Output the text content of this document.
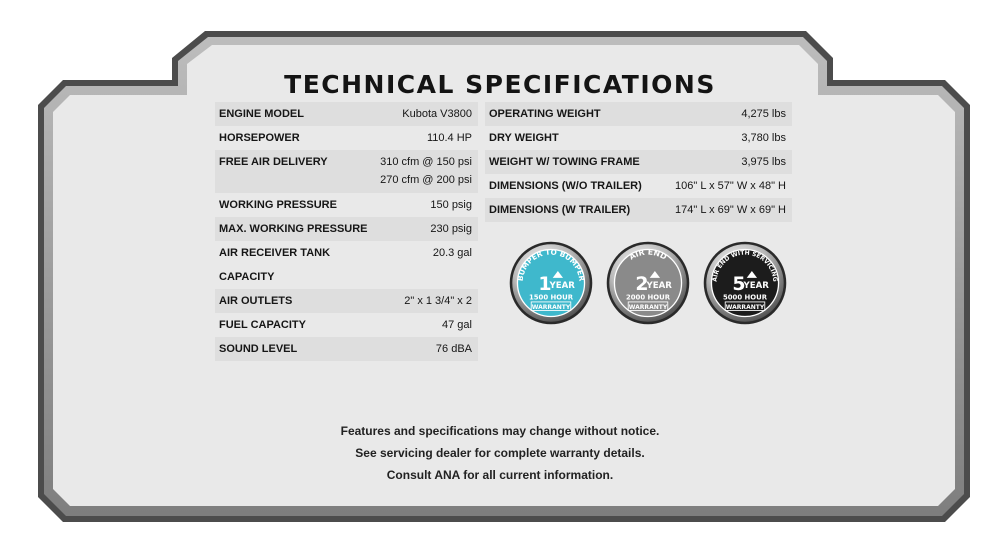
TECHNICAL SPECIFICATIONS
ENGINE MODEL	Kubota V3800
HORSEPOWER	110.4 HP
FREE AIR DELIVERY	310 cfm @ 150 psi
270 cfm @ 200 psi

WORKING PRESSURE	150 psig
MAX. WORKING PRESSURE	230 psig
AIR RECEIVER TANK CAPACITY	20.3 gal
AIR OUTLETS	2" x 1 3/4" x 2
FUEL CAPACITY	47 gal
SOUND LEVEL	76 dBA
OPERATING WEIGHT	4,275 lbs
DRY WEIGHT	3,780 lbs
WEIGHT W/ TOWING FRAME	3,975 lbs
DIMENSIONS (W/O TRAILER)	106" L x 57" W x 48" H
DIMENSIONS (W TRAILER)	174" L x 69" W x 69" H
BUMPER TO BUMPER
1
YEAR
1500 HOUR
WARRANTY
AIR END
2
YEAR
2000 HOUR
WARRANTY
AIR END WITH SERVICING
5
YEAR
5000 HOUR
WARRANTY
Features and specifications may change without notice.
See servicing dealer for complete warranty details.
Consult ANA for all current information.
